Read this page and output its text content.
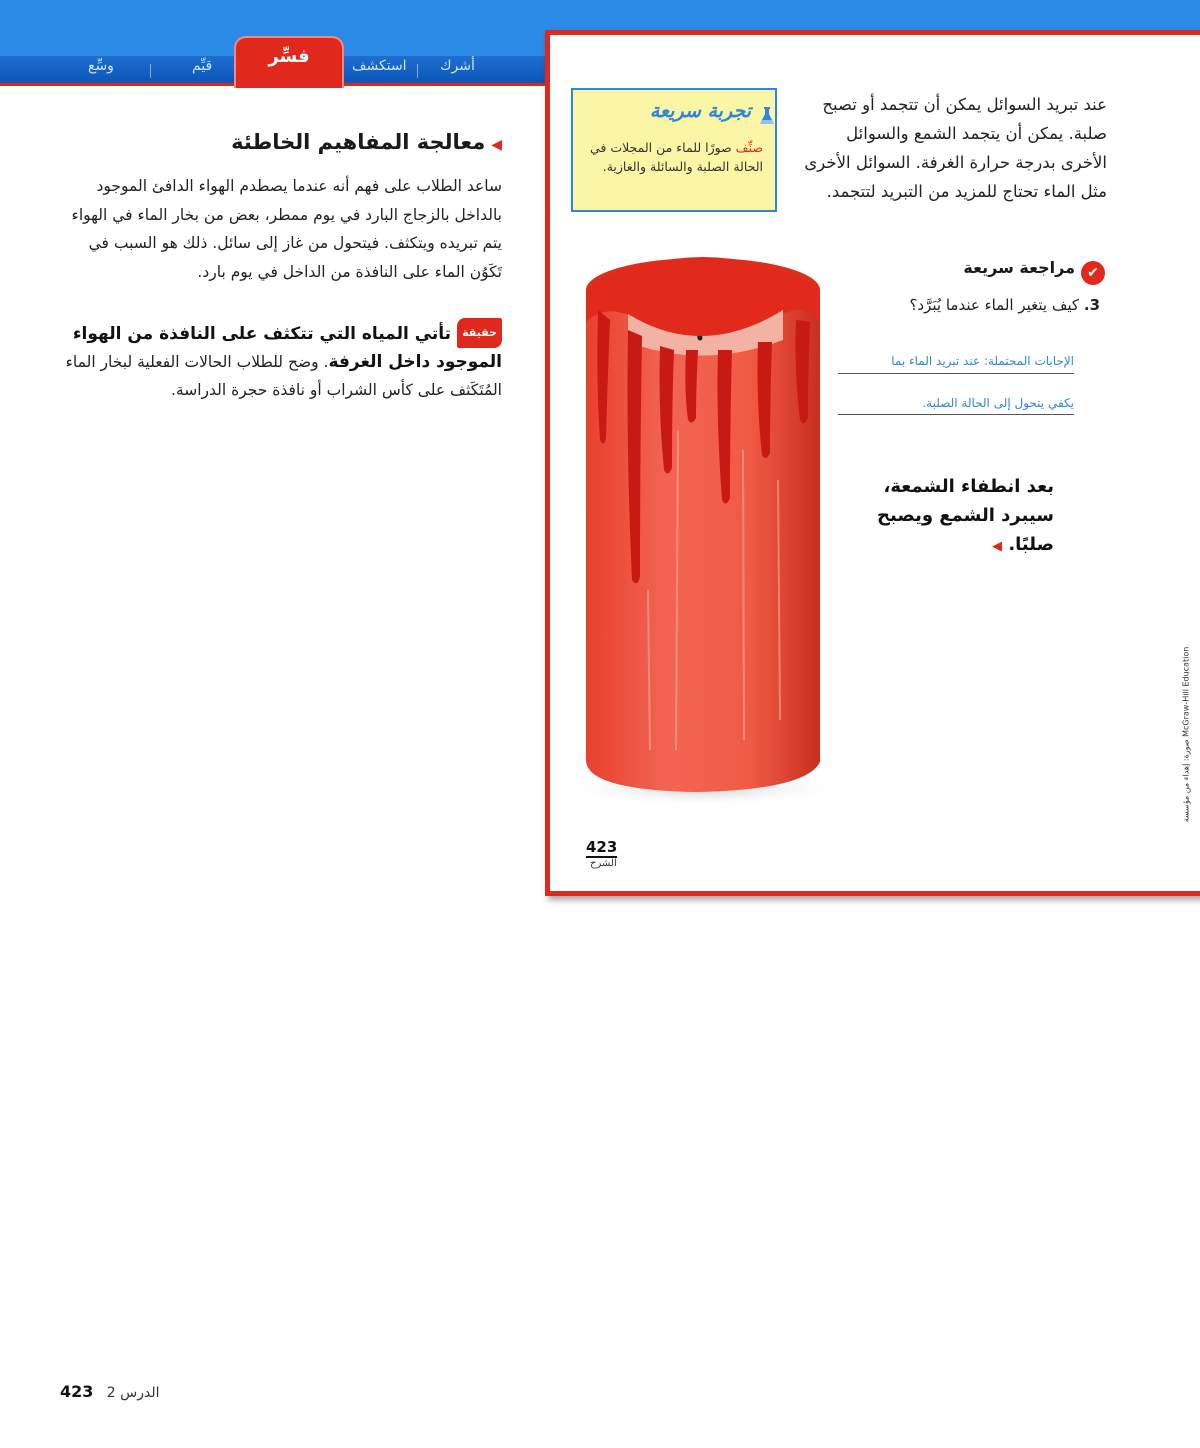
فسِّر	أشرك
استكشف
قيِّم
وسِّع
◀معالجة المفاهيم الخاطئة
ساعد الطلاب على فهم أنه عندما يصطدم الهواء الدافئ الموجود بالداخل بالزجاج البارد في يوم ممطر، بعض من بخار الماء في الهواء يتم تبريده ويتكثف. فيتحول من غاز إلى سائل. ذلك هو السبب في تَكَوُن الماء على النافذة من الداخل في يوم بارد.
حقيقةتأتي المياه التي تتكثف على النافذة من الهواء الموجود داخل الغرفة. وضح للطلاب الحالات الفعلية لبخار الماء المُتَكَثف على كأس الشراب أو نافذة حجرة الدراسة.
عند تبريد السوائل يمكن أن تتجمد أو تصبح صلبة. يمكن أن يتجمد الشمع والسوائل الأخرى بدرجة حرارة الغرفة. السوائل الأخرى مثل الماء تحتاج للمزيد من التبريد لتتجمد.
تجربة سريعة
صنِّف صورًا للماء من المجلات في الحالة الصلبة والسائلة والغازية.
✔مراجعة سريعة
3. كيف يتغير الماء عندما يُبَرَّد؟
الإجابات المحتملة: عند تبريد الماء بما
يكفي يتحول إلى الحالة الصلبة.
بعد انطفاء الشمعة، سيبرد الشمع ويصبح صلبًا. ◀
McGraw-Hill Education صورة: إهداء من مؤسسة
423
الشرح
الدرس 2   423
